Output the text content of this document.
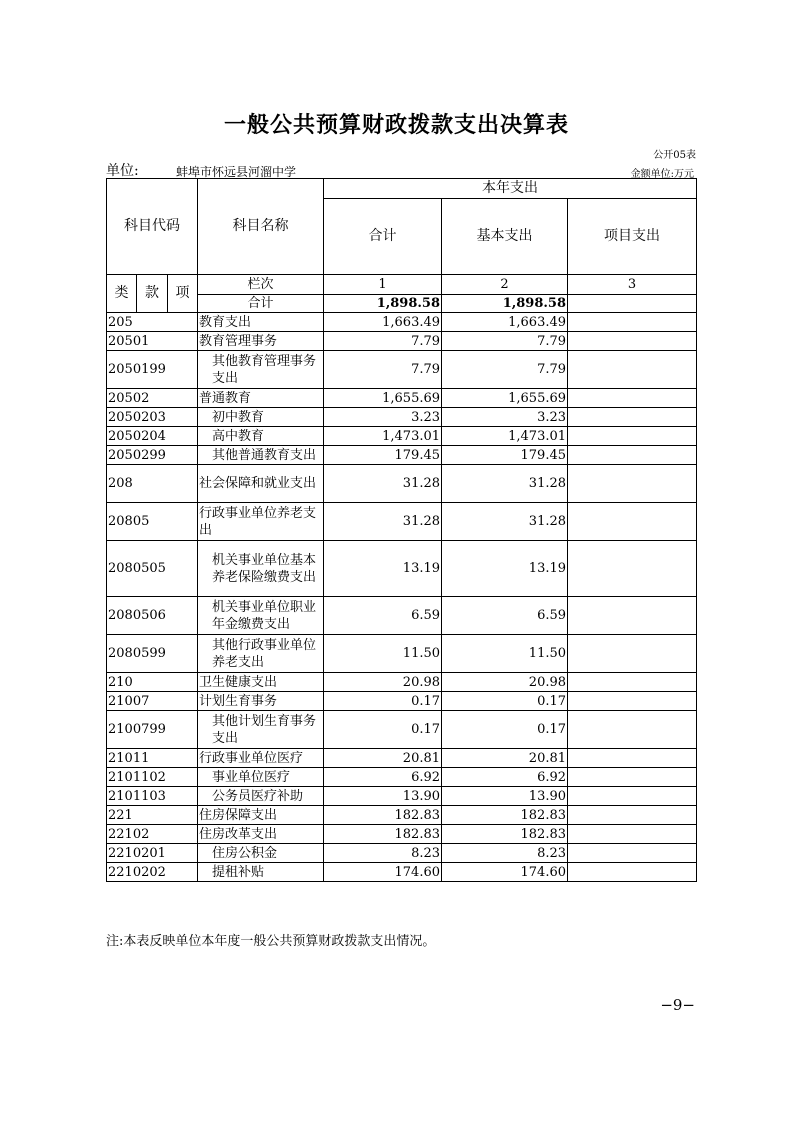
一般公共预算财政拨款支出决算表
公开05表
单位:	蚌埠市怀远县河溜中学	金额单位:万元
科目代码			科目名称	本年支出		
				合计	基本支出	项目支出
类	款	项	栏次	1	2	3
			合计	1,898.58	1,898.58	
205			教育支出	1,663.49	1,663.49	
20501			教育管理事务	7.79	7.79	
2050199			其他教育管理事务支出	7.79	7.79	
20502			普通教育	1,655.69	1,655.69	
2050203			初中教育	3.23	3.23	
2050204			高中教育	1,473.01	1,473.01	
2050299			其他普通教育支出	179.45	179.45	
208			社会保障和就业支出	31.28	31.28	
20805			行政事业单位养老支出	31.28	31.28	
2080505			机关事业单位基本养老保险缴费支出	13.19	13.19	
2080506			机关事业单位职业年金缴费支出	6.59	6.59	
2080599			其他行政事业单位养老支出	11.50	11.50	
210			卫生健康支出	20.98	20.98	
21007			计划生育事务	0.17	0.17	
2100799			其他计划生育事务支出	0.17	0.17	
21011			行政事业单位医疗	20.81	20.81	
2101102			事业单位医疗	6.92	6.92	
2101103			公务员医疗补助	13.90	13.90	
221			住房保障支出	182.83	182.83	
22102			住房改革支出	182.83	182.83	
2210201			住房公积金	8.23	8.23	
2210202			提租补贴	174.60	174.60	
注:本表反映单位本年度一般公共预算财政拨款支出情况。
−9−
